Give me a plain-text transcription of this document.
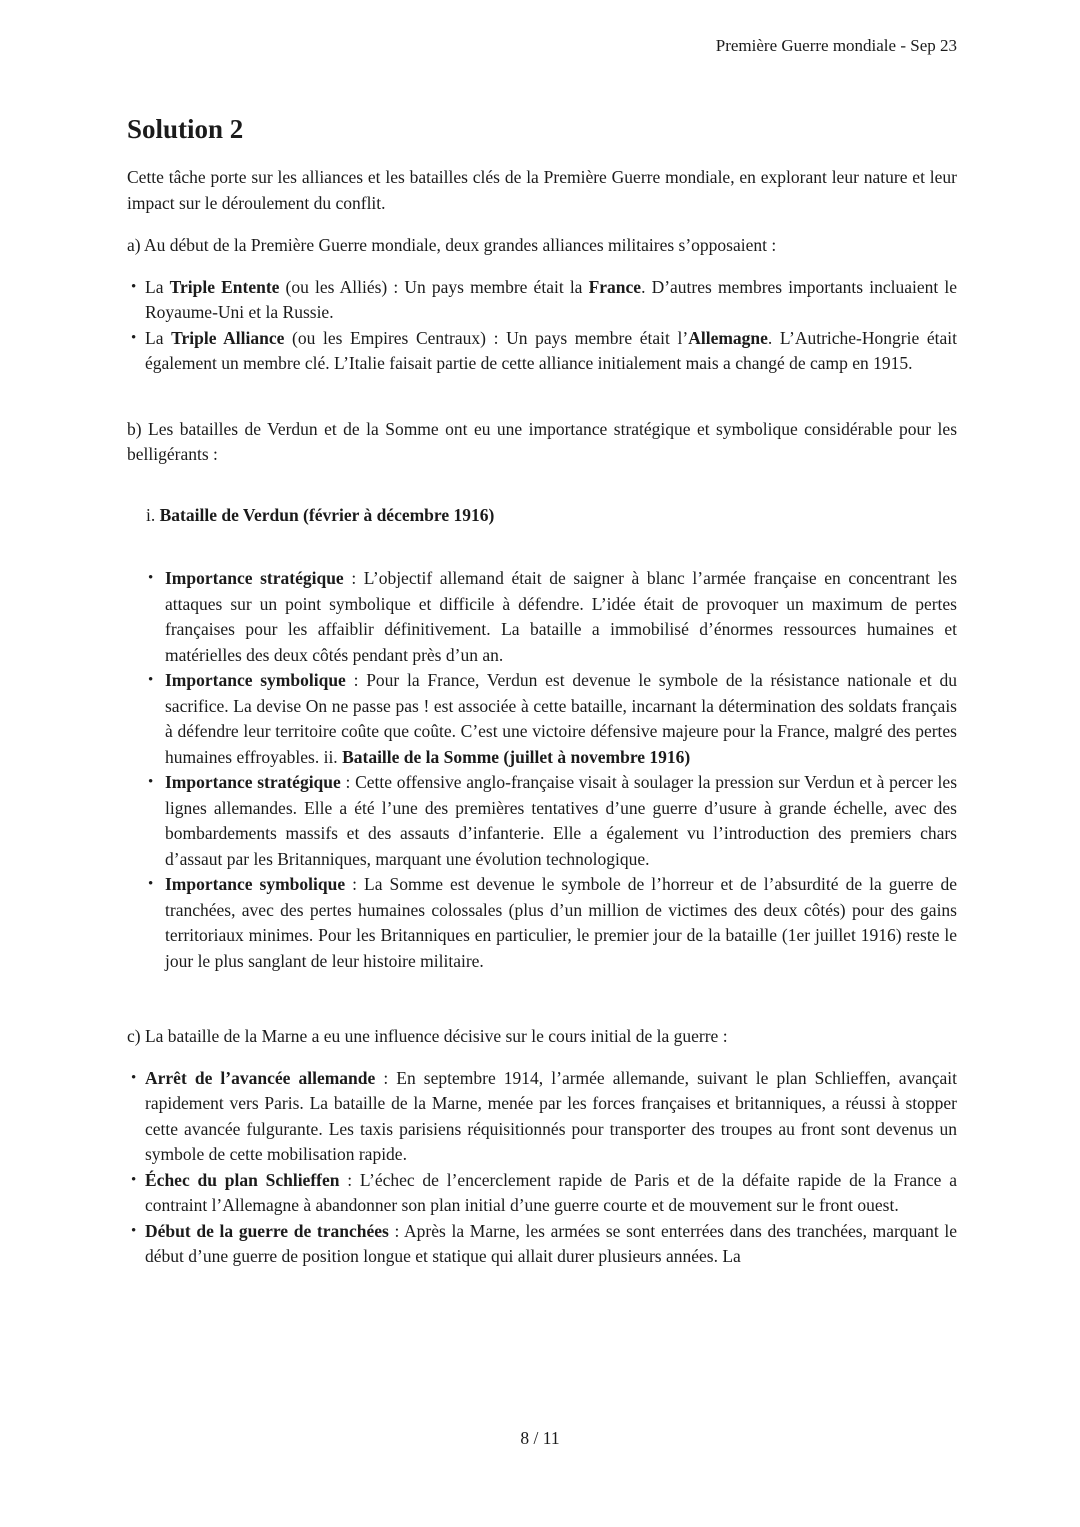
Première Guerre mondiale - Sep 23
Solution 2

Cette tâche porte sur les alliances et les batailles clés de la Première Guerre mondiale, en explorant leur nature et leur impact sur le déroulement du conflit.

a) Au début de la Première Guerre mondiale, deux grandes alliances militaires s’opposaient :

• La Triple Entente (ou les Alliés) : Un pays membre était la France. D’autres membres importants incluaient le Royaume-Uni et la Russie.
• La Triple Alliance (ou les Empires Centraux) : Un pays membre était l’Allemagne. L’Autriche-Hongrie était également un membre clé. L’Italie faisait partie de cette alliance initialement mais a changé de camp en 1915.

b) Les batailles de Verdun et de la Somme ont eu une importance stratégique et symbolique considérable pour les belligérants :

i. Bataille de Verdun (février à décembre 1916)

• Importance stratégique : L’objectif allemand était de saigner à blanc l’armée française en concentrant les attaques sur un point symbolique et difficile à défendre. L’idée était de provoquer un maximum de pertes françaises pour les affaiblir définitivement. La bataille a immobilisé d’énormes ressources humaines et matérielles des deux côtés pendant près d’un an.
• Importance symbolique : Pour la France, Verdun est devenue le symbole de la résistance nationale et du sacrifice. La devise On ne passe pas ! est associée à cette bataille, incarnant la détermination des soldats français à défendre leur territoire coûte que coûte. C’est une victoire défensive majeure pour la France, malgré des pertes humaines effroyables. ii. Bataille de la Somme (juillet à novembre 1916)
• Importance stratégique : Cette offensive anglo-française visait à soulager la pression sur Verdun et à percer les lignes allemandes. Elle a été l’une des premières tentatives d’une guerre d’usure à grande échelle, avec des bombardements massifs et des assauts d’infanterie. Elle a également vu l’introduction des premiers chars d’assaut par les Britanniques, marquant une évolution technologique.
• Importance symbolique : La Somme est devenue le symbole de l’horreur et de l’absurdité de la guerre de tranchées, avec des pertes humaines colossales (plus d’un million de victimes des deux côtés) pour des gains territoriaux minimes. Pour les Britanniques en particulier, le premier jour de la bataille (1er juillet 1916) reste le jour le plus sanglant de leur histoire militaire.

c) La bataille de la Marne a eu une influence décisive sur le cours initial de la guerre :

• Arrêt de l’avancée allemande : En septembre 1914, l’armée allemande, suivant le plan Schlieffen, avançait rapidement vers Paris. La bataille de la Marne, menée par les forces françaises et britanniques, a réussi à stopper cette avancée fulgurante. Les taxis parisiens réquisitionnés pour transporter des troupes au front sont devenus un symbole de cette mobilisation rapide.
• Échec du plan Schlieffen : L’échec de l’encerclement rapide de Paris et de la défaite rapide de la France a contraint l’Allemagne à abandonner son plan initial d’une guerre courte et de mouvement sur le front ouest.
• Début de la guerre de tranchées : Après la Marne, les armées se sont enterrées dans des tranchées, marquant le début d’une guerre de position longue et statique qui allait durer plusieurs années. La
8 / 11
